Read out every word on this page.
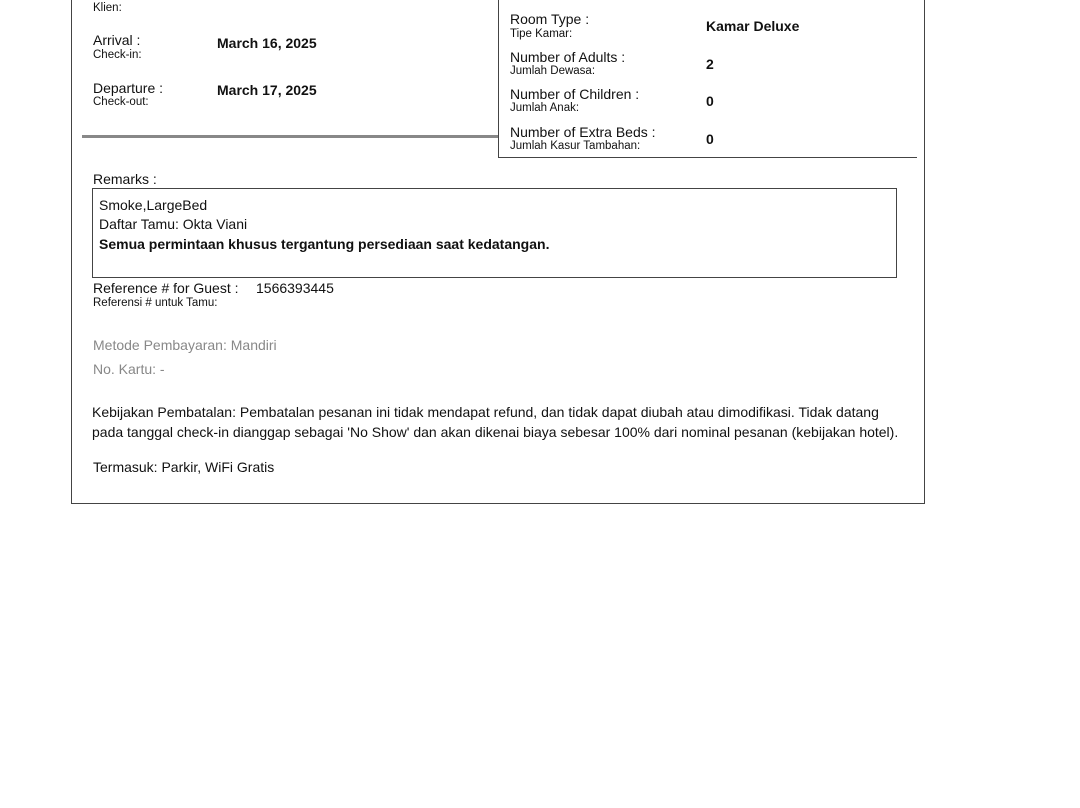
Klien:
Arrival :
Check-in:
March 16, 2025
Departure :
Check-out:
March 17, 2025
Room Type :
Tipe Kamar:	Kamar Deluxe
Number of Adults :
Jumlah Dewasa:	2
Number of Children :
Jumlah Anak:	0
Number of Extra Beds :
Jumlah Kasur Tambahan:	0
Remarks :
Smoke,LargeBed
Daftar Tamu: Okta Viani
Semua permintaan khusus tergantung persediaan saat kedatangan.
Reference # for Guest :
Referensi # untuk Tamu:
1566393445
Metode Pembayaran: Mandiri
No. Kartu: -
Kebijakan Pembatalan: Pembatalan pesanan ini tidak mendapat refund, dan tidak dapat diubah atau dimodifikasi. Tidak datang pada tanggal check-in dianggap sebagai 'No Show' dan akan dikenai biaya sebesar 100% dari nominal pesanan (kebijakan hotel).
Termasuk: Parkir, WiFi Gratis
